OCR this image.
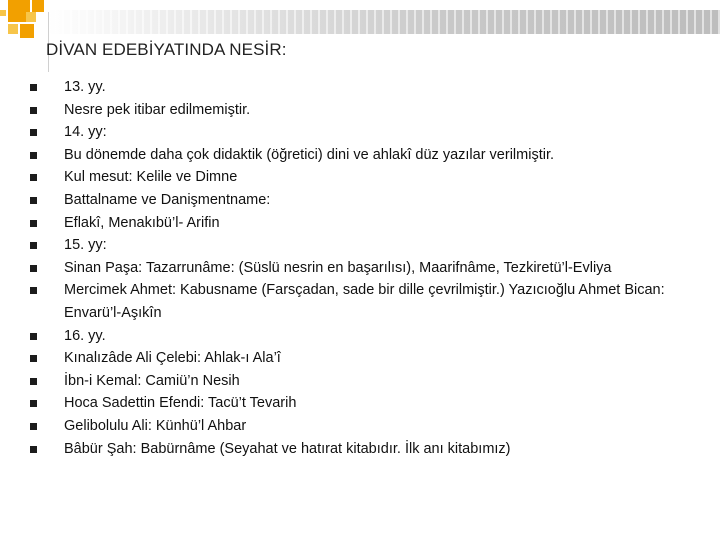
DİVAN EDEBİYATINDA NESİR:
13. yy.
Nesre pek itibar edilmemiştir.
14. yy:
Bu dönemde daha çok didaktik (öğretici) dini ve ahlakî düz yazılar verilmiştir.
Kul mesut: Kelile ve Dimne
Battalname ve Danişmentname:
Eflakî, Menakıbü’l- Arifin
15. yy:
Sinan Paşa: Tazarrunâme: (Süslü nesrin en başarılısı), Maarifnâme, Tezkiretü’l-Evliya
Mercimek Ahmet: Kabusname (Farsçadan, sade bir dille çevrilmiştir.) Yazıcıoğlu Ahmet Bican: Envarü’l-Aşıkîn
16. yy.
Kınalızâde Ali Çelebi: Ahlak-ı Ala’î
İbn-i Kemal: Camiü’n Nesih
Hoca Sadettin Efendi: Tacü’t Tevarih
Gelibolulu Ali: Künhü’l Ahbar
Bâbür Şah: Babürnâme (Seyahat ve hatırat kitabıdır. İlk anı kitabımız)
